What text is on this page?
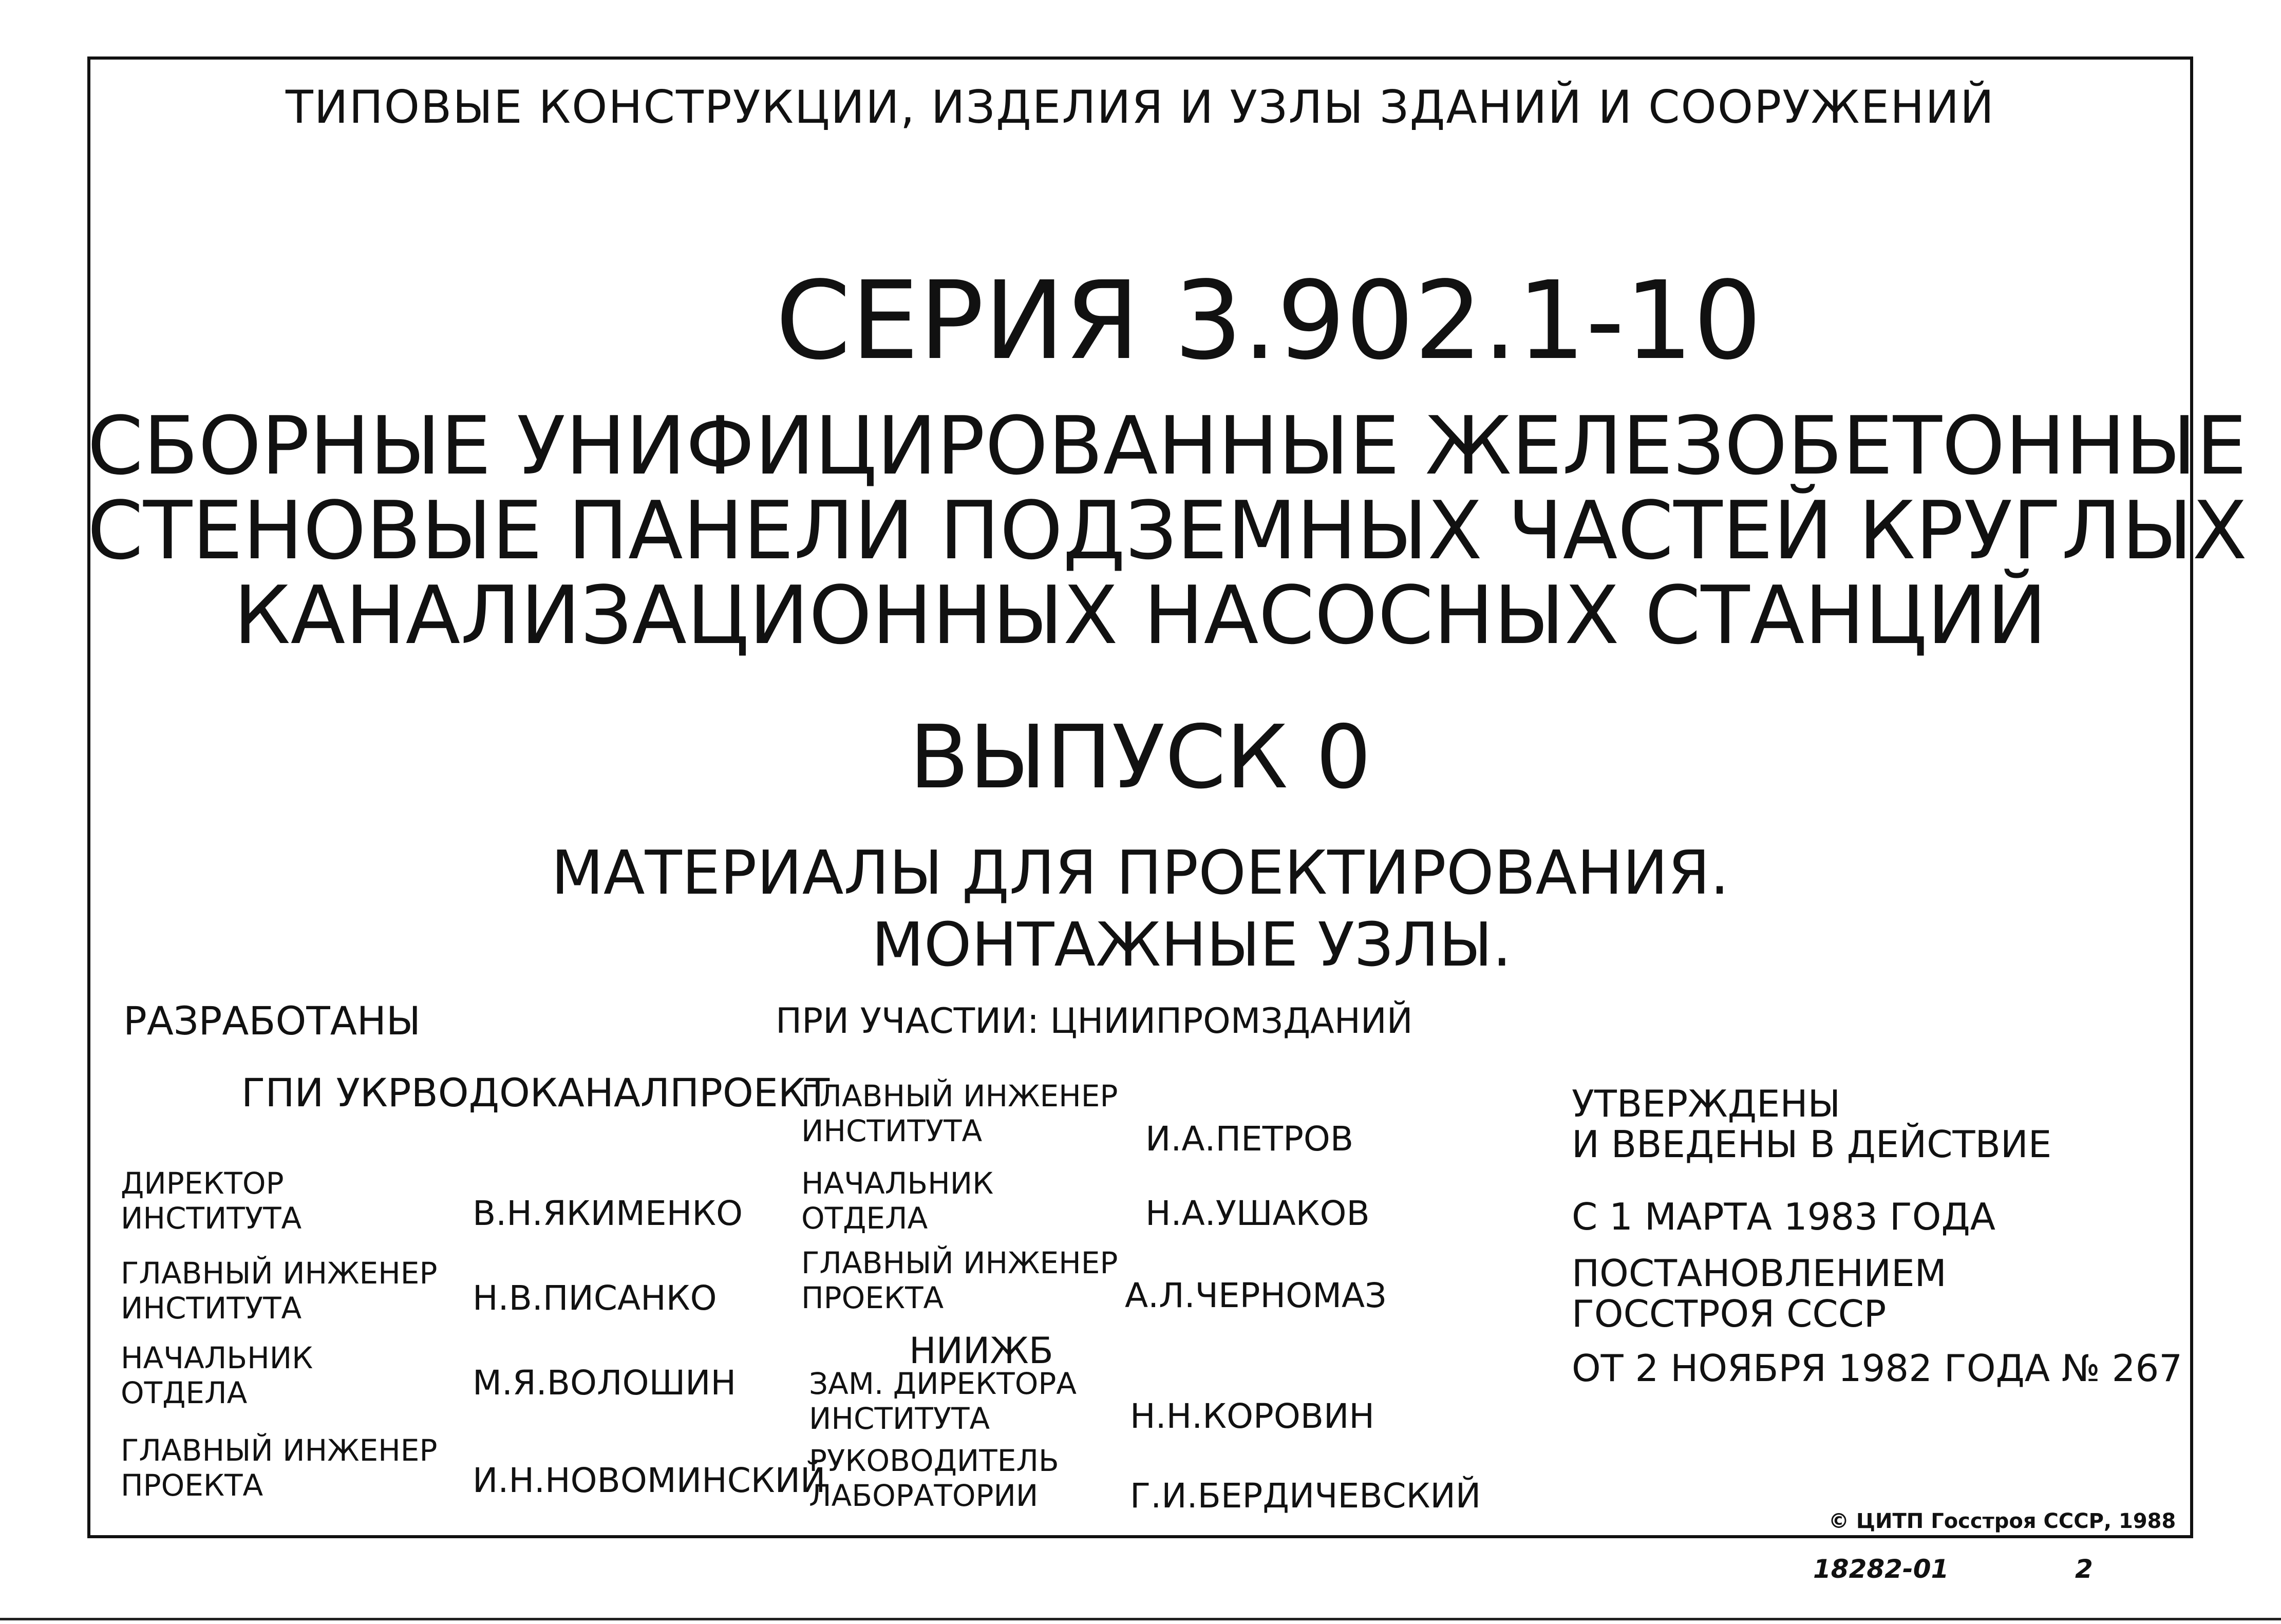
ТИПОВЫЕ КОНСТРУКЦИИ, ИЗДЕЛИЯ И УЗЛЫ ЗДАНИЙ И СООРУЖЕНИЙ
СЕРИЯ 3.902.1-10
СБОРНЫЕ УНИФИЦИРОВАННЫЕ ЖЕЛЕЗОБЕТОННЫЕ
СТЕНОВЫЕ ПАНЕЛИ ПОДЗЕМНЫХ ЧАСТЕЙ КРУГЛЫХ
КАНАЛИЗАЦИОННЫХ НАСОСНЫХ СТАНЦИЙ
ВЫПУСК 0
МАТЕРИАЛЫ ДЛЯ ПРОЕКТИРОВАНИЯ.
МОНТАЖНЫЕ УЗЛЫ.
РАЗРАБОТАНЫ
ГПИ УКРВОДОКАНАЛПРОЕКТ
ДИРЕКТОР
ИНСТИТУТА	В.Н.ЯКИМЕНКО
ГЛАВНЫЙ ИНЖЕНЕР
ИНСТИТУТА	Н.В.ПИСАНКО
НАЧАЛЬНИК
ОТДЕЛА	М.Я.ВОЛОШИН
ГЛАВНЫЙ ИНЖЕНЕР
ПРОЕКТА	И.Н.НОВОМИНСКИЙ
ПРИ УЧАСТИИ: ЦНИИПРОМЗДАНИЙ
ГЛАВНЫЙ ИНЖЕНЕР
ИНСТИТУТА	И.А.ПЕТРОВ
НАЧАЛЬНИК
ОТДЕЛА	Н.А.УШАКОВ
ГЛАВНЫЙ ИНЖЕНЕР
ПРОЕКТА	А.Л.ЧЕРНОМАЗ
НИИЖБ
ЗАМ. ДИРЕКТОРА
ИНСТИТУТА	Н.Н.КОРОВИН
РУКОВОДИТЕЛЬ
ЛАБОРАТОРИИ	Г.И.БЕРДИЧЕВСКИЙ
УТВЕРЖДЕНЫ
И ВВЕДЕНЫ В ДЕЙСТВИЕ
С 1 МАРТА 1983 ГОДА
ПОСТАНОВЛЕНИЕМ
ГОССТРОЯ СССР
ОТ 2 НОЯБРЯ 1982 ГОДА № 267
© ЦИТП Госстроя СССР, 1988
18282-01	2
